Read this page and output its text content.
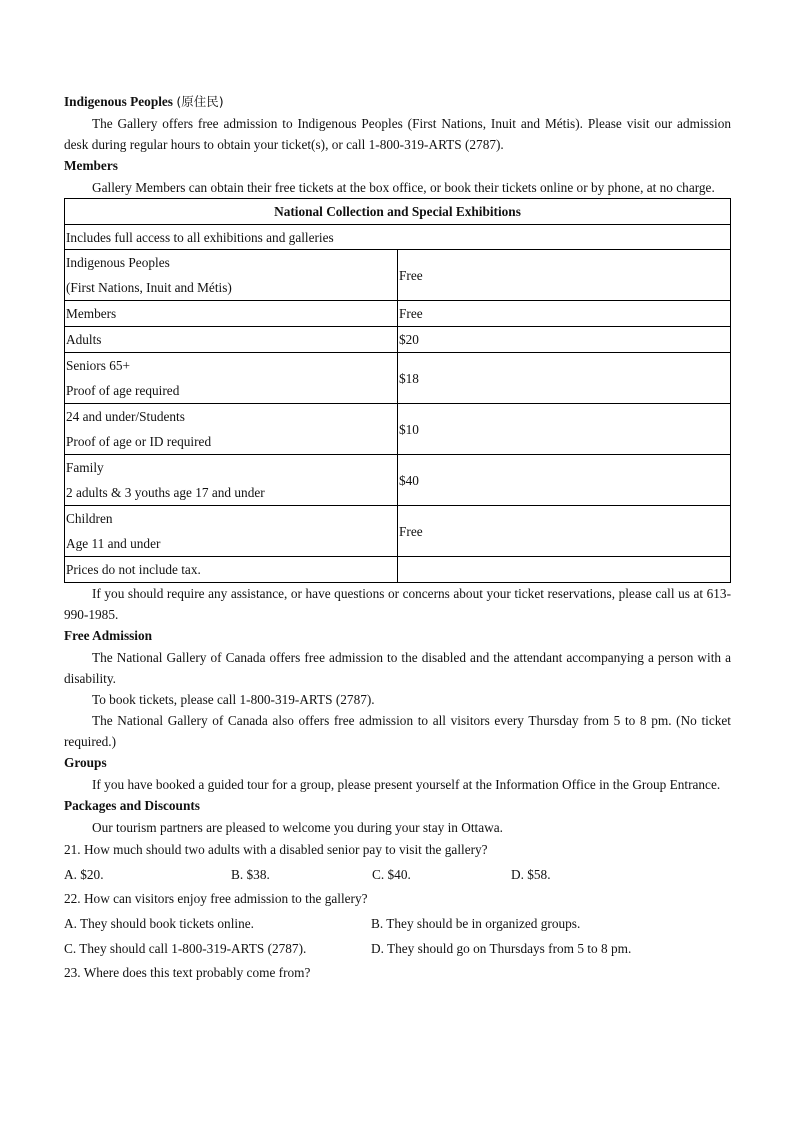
Indigenous Peoples (原住民)

The Gallery offers free admission to Indigenous Peoples (First Nations, Inuit and Métis). Please visit our admission desk during regular hours to obtain your ticket(s), or call 1-800-319-ARTS (2787).

Members

Gallery Members can obtain their free tickets at the box office, or book their tickets online or by phone, at no charge.

National Collection and Special Exhibitions	
Includes full access to all exhibitions and galleries	

Indigenous Peoples
(First Nations, Inuit and Métis)	Free
Members	Free
Adults	$20

Seniors 65+
Proof of age required	$18

24 and under/Students
Proof of age or ID required	$10

Family
2 adults & 3 youths age 17 and under	$40

Children
Age 11 and under	Free
Prices do not include tax.	

If you should require any assistance, or have questions or concerns about your ticket reservations, please call us at 613-990-1985.

Free Admission

The National Gallery of Canada offers free admission to the disabled and the attendant accompanying a person with a disability.

To book tickets, please call 1-800-319-ARTS (2787).

The National Gallery of Canada also offers free admission to all visitors every Thursday from 5 to 8 pm. (No ticket required.)

Groups

If you have booked a guided tour for a group, please present yourself at the Information Office in the Group Entrance.

Packages and Discounts

Our tourism partners are pleased to welcome you during your stay in Ottawa.

21. How much should two adults with a disabled senior pay to visit the gallery?

A. $20.	B. $38.	C. $40.	D. $58.

22. How can visitors enjoy free admission to the gallery?

A. They should book tickets online.	B. They should be in organized groups.
C. They should call 1-800-319-ARTS (2787).	D. They should go on Thursdays from 5 to 8 pm.

23. Where does this text probably come from?
